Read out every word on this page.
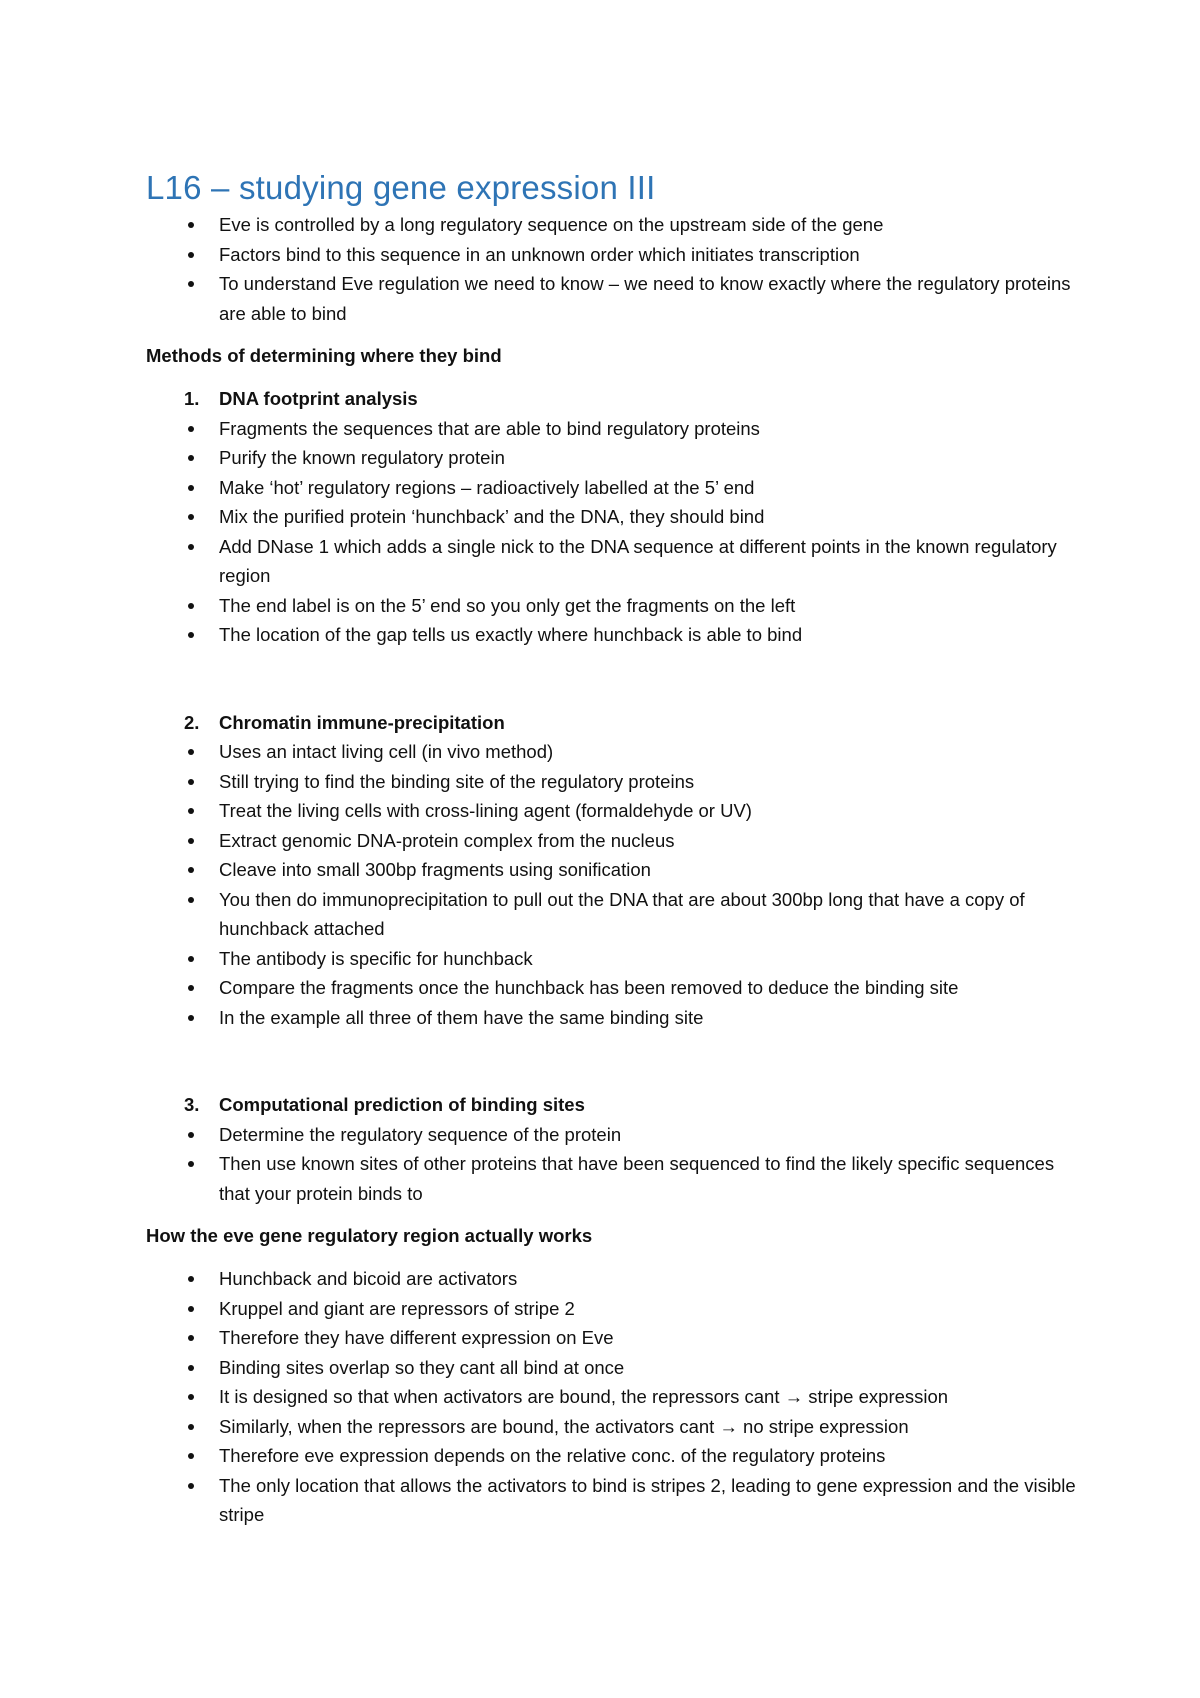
L16 – studying gene expression III
Eve is controlled by a long regulatory sequence on the upstream side of the gene
Factors bind to this sequence in an unknown order which initiates transcription
To understand Eve regulation we need to know – we need to know exactly where the regulatory proteins are able to bind
Methods of determining where they bind
1.	DNA footprint analysis
Fragments the sequences that are able to bind regulatory proteins
Purify the known regulatory protein
Make ‘hot’ regulatory regions – radioactively labelled at the 5’ end
Mix the purified protein ‘hunchback’ and the DNA, they should bind
Add DNase 1 which adds a single nick to the DNA sequence at different points in the known regulatory region
The end label is on the 5’ end so you only get the fragments on the left
The location of the gap tells us exactly where hunchback is able to bind
2.	Chromatin immune-precipitation
Uses an intact living cell (in vivo method)
Still trying to find the binding site of the regulatory proteins
Treat the living cells with cross-lining agent (formaldehyde or UV)
Extract genomic DNA-protein complex from the nucleus
Cleave into small 300bp fragments using sonification
You then do immunoprecipitation to pull out the DNA that are about 300bp long that have a copy of hunchback attached
The antibody is specific for hunchback
Compare the fragments once the hunchback has been removed to deduce the binding site
In the example all three of them have the same binding site
3.	Computational prediction of binding sites
Determine the regulatory sequence of the protein
Then use known sites of other proteins that have been sequenced to find the likely specific sequences that your protein binds to
How the eve gene regulatory region actually works
Hunchback and bicoid are activators
Kruppel and giant are repressors of stripe 2
Therefore they have different expression on Eve
Binding sites overlap so they cant all bind at once
It is designed so that when activators are bound, the repressors cant → stripe expression
Similarly, when the repressors are bound, the activators cant → no stripe expression
Therefore eve expression depends on the relative conc. of the regulatory proteins
The only location that allows the activators to bind is stripes 2, leading to gene expression and the visible stripe
